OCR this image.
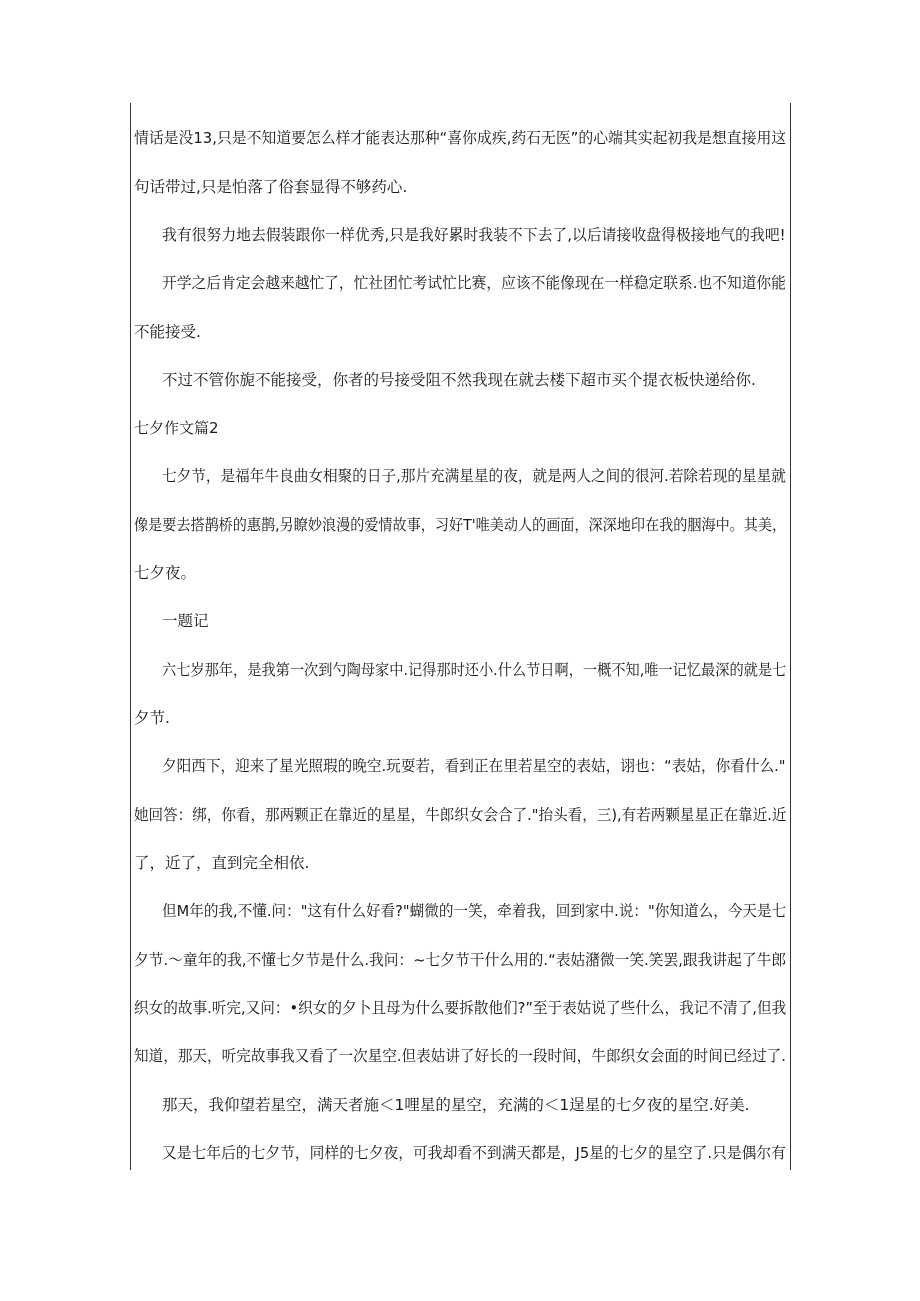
情话是没13,只是不知道要怎么样才能表达那种“喜你成疾,药石无医”的心端其实起初我是想直接用这
句话带过,只是怕落了俗套显得不够药心.
我有很努力地去假装跟你一样优秀,只是我好累时我装不下去了,以后请接收盘得极接地气的我吧!
开学之后肯定会越来越忙了，忙社团忙考试忙比赛，应该不能像现在一样稳定联系.也不知道你能
不能接受.
不过不管你旎不能接受，你者的号接受阻不然我现在就去楼下超市买个提衣板快递给你.
七夕作文篇2
七夕节，是福年牛良曲女相聚的日子,那片充满星星的夜，就是两人之间的很河.若除若现的星星就
像是要去搭鹊桥的惠鹊,另瞭妙浪漫的爱情故事，习好T'唯美动人的画面，深深地印在我的胭海中。其美，
七夕夜。
一题记
六七岁那年，是我第一次到勺陶母家中.记得那时还小.什么节日啊，一概不知,唯一记忆最深的就是七
夕节.
夕阳西下，迎来了星光照瑕的晚空.玩耍若，看到正在里若星空的表姑，诩也：“表姑，你看什么."
她回答：绑，你看，那两颗正在靠近的星星，牛郎织女会合了."抬头看，三),有若两颗星星正在靠近.近
了，近了，直到完全相依.
但M年的我,不懂.问："这有什么好看?"蝴微的一笑，牵着我，回到家中.说："你知道么，今天是七
夕节.〜童年的我,不懂七夕节是什么.我问：~七夕节干什么用的.“表姑潴微一笑.笑罢,跟我讲起了牛郎
织女的故事.听完,又问：•织女的夕卜且母为什么要拆散他们?”至于表姑说了些什么，我记不清了,但我
知道，那天，听完故事我又看了一次星空.但表姑讲了好长的一段时间，牛郎织女会面的时间已经过了.
那天，我仰望若星空，满天者施＜1哩星的星空，充满的＜1逞星的七夕夜的星空.好美.
又是七年后的七夕节，同样的七夕夜，可我却看不到满天都是，J5星的七夕的星空了.只是偶尔有
